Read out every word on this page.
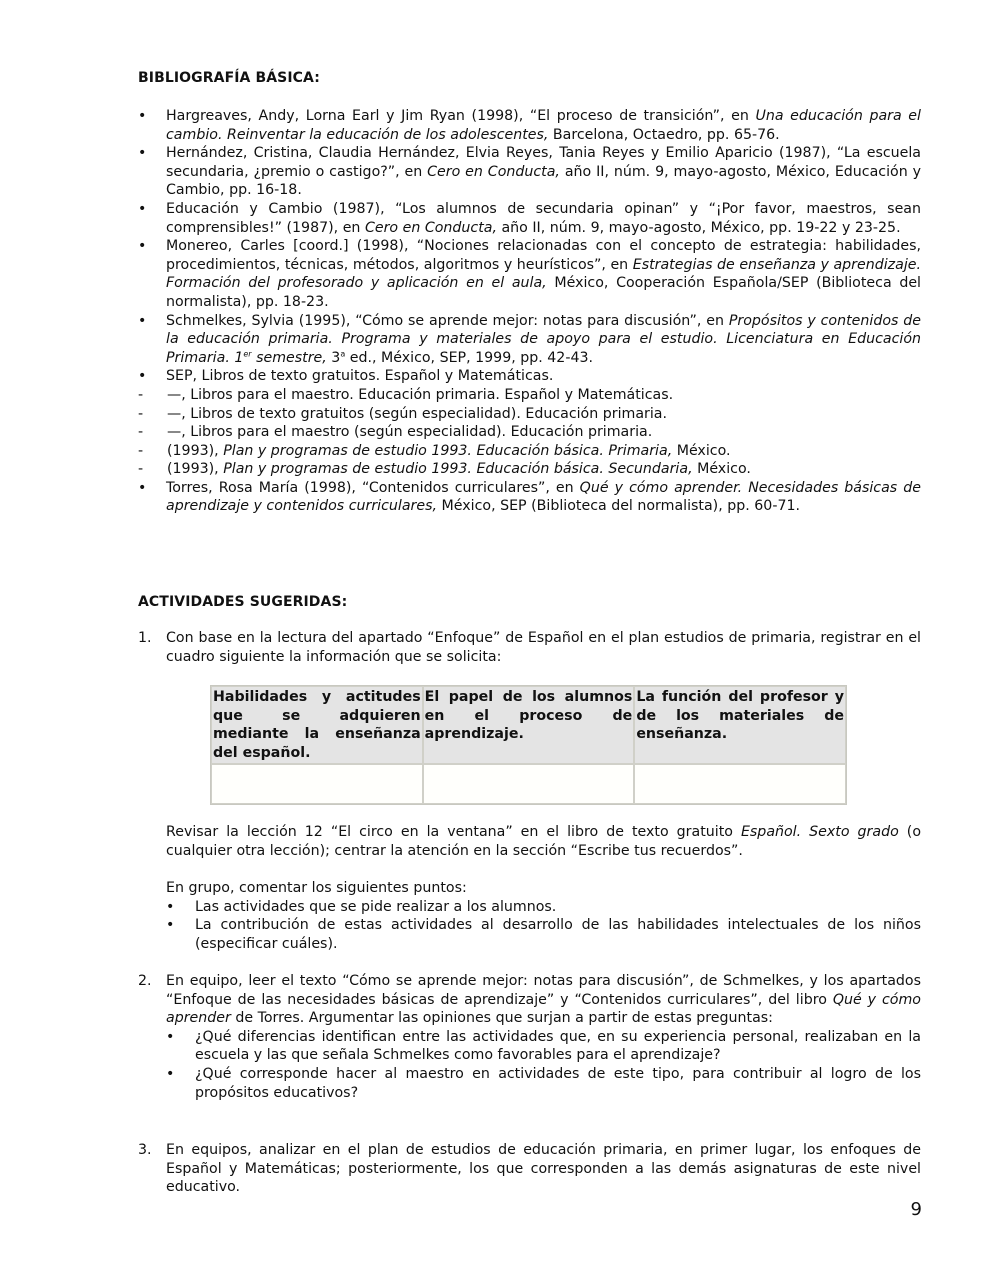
BIBLIOGRAFÍA BÁSICA:
•	Hargreaves, Andy, Lorna Earl y Jim Ryan (1998), “El proceso de transición”, en Una educación para el cambio. Reinventar la educación de los adolescentes, Barcelona, Octaedro, pp. 65-76.
•	Hernández, Cristina, Claudia Hernández, Elvia Reyes, Tania Reyes y Emilio Aparicio (1987), “La escuela secundaria, ¿premio o castigo?”, en Cero en Conducta, año II, núm. 9, mayo-agosto, México, Educación y Cambio, pp. 16-18.
•	Educación y Cambio (1987), “Los alumnos de secundaria opinan” y “¡Por favor, maestros, sean comprensibles!” (1987), en Cero en Conducta, año II, núm. 9, mayo-agosto, México, pp. 19-22 y 23-25.
•	Monereo, Carles [coord.] (1998), “Nociones relacionadas con el concepto de estrategia: habilidades, procedimientos, técnicas, métodos, algoritmos y heurísticos”, en Estrategias de enseñanza y aprendizaje. Formación del profesorado y aplicación en el aula, México, Cooperación Española/SEP (Biblioteca del normalista), pp. 18-23.
•	Schmelkes, Sylvia (1995), “Cómo se aprende mejor: notas para discusión”, en Propósitos y contenidos de la educación primaria. Programa y materiales de apoyo para el estudio. Licenciatura en Educación Primaria. 1er semestre, 3$^a$ ed., México, SEP, 1999, pp. 42-43.
•	SEP, Libros de texto gratuitos. Español y Matemáticas.
- —, Libros para el maestro. Educación primaria. Español y Matemáticas.
- —, Libros de texto gratuitos (según especialidad). Educación primaria.
- —, Libros para el maestro (según especialidad). Educación primaria.
- (1993), Plan y programas de estudio 1993. Educación básica. Primaria, México.
- (1993), Plan y programas de estudio 1993. Educación básica. Secundaria, México.
•	Torres, Rosa María (1998), “Contenidos curriculares”, en Qué y cómo aprender. Necesidades básicas de aprendizaje y contenidos curriculares, México, SEP (Biblioteca del normalista), pp. 60-71.
ACTIVIDADES SUGERIDAS:
1.	Con base en la lectura del apartado “Enfoque” de Español en el plan estudios de primaria, registrar en el cuadro siguiente la información que se solicita:
Habilidades y actitudes que se adquieren mediante la enseñanza del español.	El papel de los alumnos en el proceso de aprendizaje.	La función del profesor y de los materiales de enseñanza.

Revisar la lección 12 “El circo en la ventana” en el libro de texto gratuito Español. Sexto grado (o cualquier otra lección); centrar la atención en la sección “Escribe tus recuerdos”.
En grupo, comentar los siguientes puntos:
• Las actividades que se pide realizar a los alumnos.
• La contribución de estas actividades al desarrollo de las habilidades intelectuales de los niños (especificar cuáles).
2.	En equipo, leer el texto “Cómo se aprende mejor: notas para discusión”, de Schmelkes, y los apartados “Enfoque de las necesidades básicas de aprendizaje” y “Contenidos curriculares”, del libro Qué y cómo aprender de Torres. Argumentar las opiniones que surjan a partir de estas preguntas:
• ¿Qué diferencias identifican entre las actividades que, en su experiencia personal, realizaban en la escuela y las que señala Schmelkes como favorables para el aprendizaje?
• ¿Qué corresponde hacer al maestro en actividades de este tipo, para contribuir al logro de los propósitos educativos?
3.	En equipos, analizar en el plan de estudios de educación primaria, en primer lugar, los enfoques de Español y Matemáticas; posteriormente, los que corresponden a las demás asignaturas de este nivel educativo.
9
